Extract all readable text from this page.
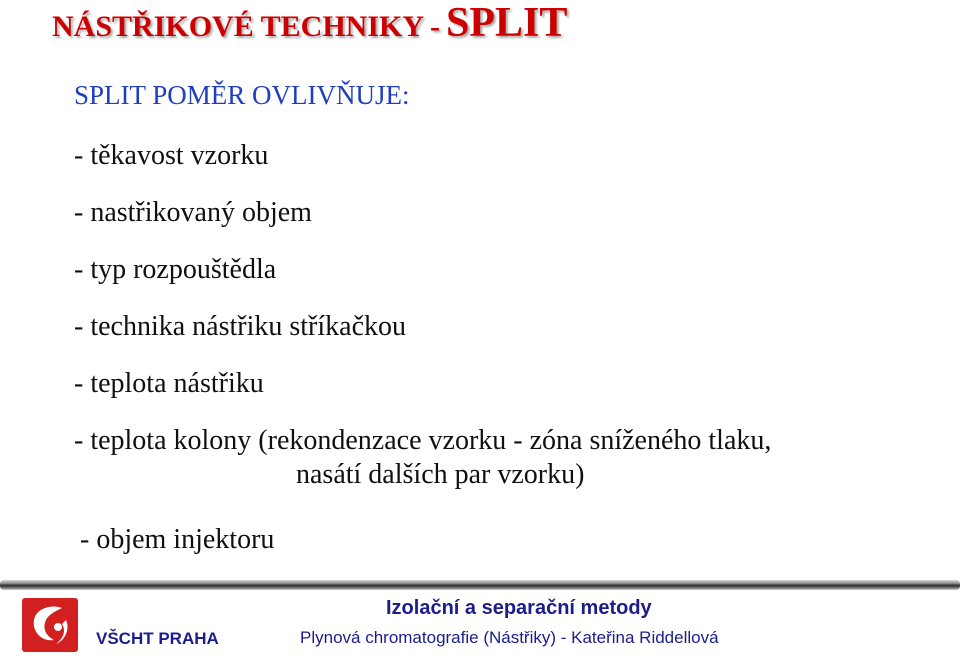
NÁSTŘIKOVÉ TECHNIKY - SPLIT
SPLIT POMĚR OVLIVŇUJE:
- těkavost vzorku
- nastřikovaný objem
- typ rozpouštědla
- technika nástřiku stříkačkou
- teplota nástřiku
- teplota kolony (rekondenzace vzorku - zóna sníženého tlaku,
nasátí dalších par vzorku)
- objem injektoru
VŠCHT PRAHA
Izolační a separační metody
Plynová chromatografie (Nástřiky) - Kateřina Riddellová
